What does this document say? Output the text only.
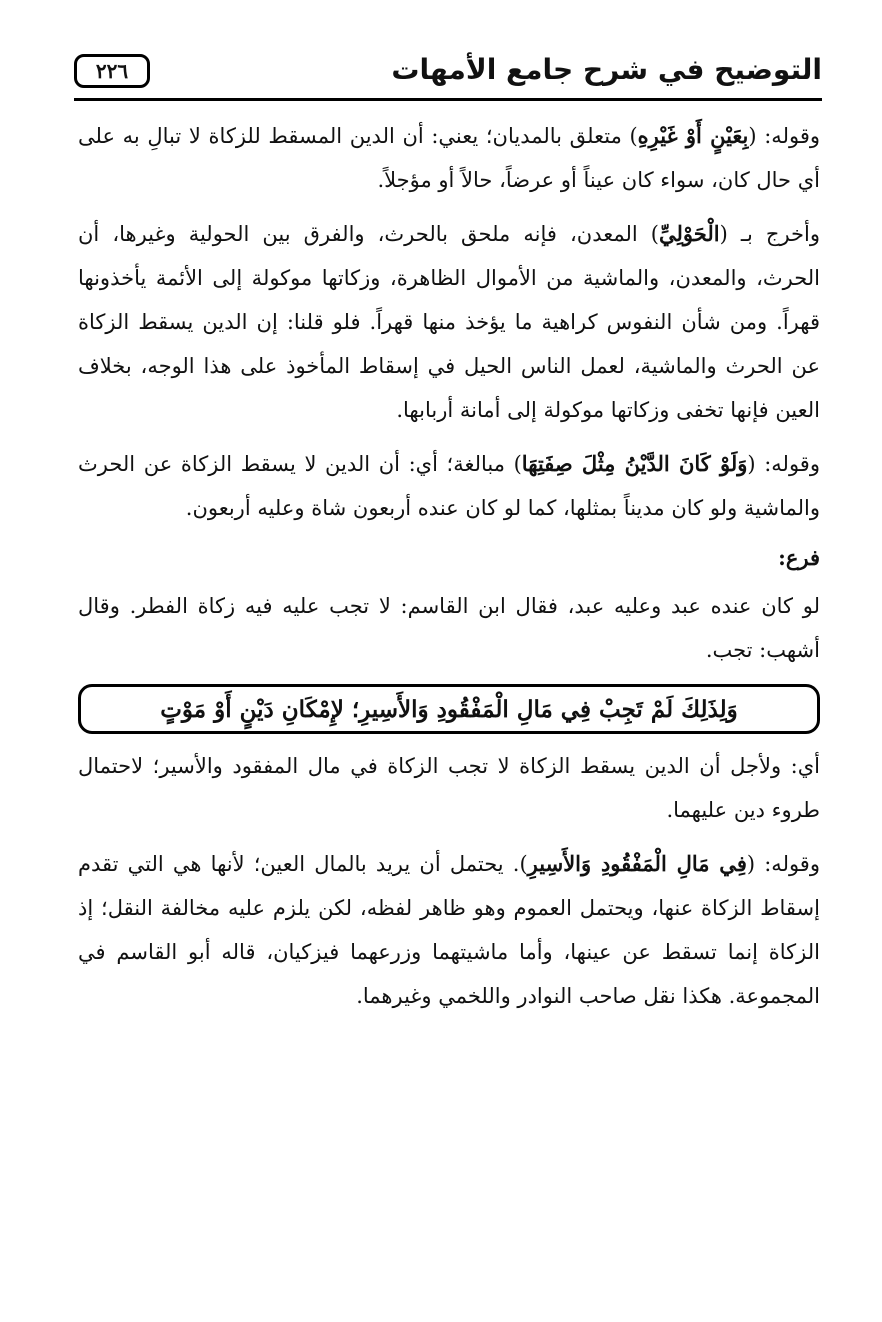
التوضيح في شرح جامع الأمهات
٢٢٦

وقوله: (بِعَيْنٍ أَوْ غَيْرِهِ) متعلق بالمديان؛ يعني: أن الدين المسقط للزكاة لا تبالِ به على أي حال كان، سواء كان عيناً أو عرضاً، حالاً أو مؤجلاً.

وأخرج بـ (الْحَوْلِيِّ) المعدن، فإنه ملحق بالحرث، والفرق بين الحولية وغيرها، أن الحرث، والمعدن، والماشية من الأموال الظاهرة، وزكاتها موكولة إلى الأئمة يأخذونها قهراً. ومن شأن النفوس كراهية ما يؤخذ منها قهراً. فلو قلنا: إن الدين يسقط الزكاة عن الحرث والماشية، لعمل الناس الحيل في إسقاط المأخوذ على هذا الوجه، بخلاف العين فإنها تخفى وزكاتها موكولة إلى أمانة أربابها.

وقوله: (وَلَوْ كَانَ الدَّيْنُ مِثْلَ صِفَتِهَا) مبالغة؛ أي: أن الدين لا يسقط الزكاة عن الحرث والماشية ولو كان مديناً بمثلها، كما لو كان عنده أربعون شاة وعليه أربعون.

فرع:

لو كان عنده عبد وعليه عبد، فقال ابن القاسم: لا تجب عليه فيه زكاة الفطر. وقال أشهب: تجب.

وَلِذَلِكَ لَمْ تَجِبْ فِي مَالِ الْمَفْقُودِ وَالأَسِيرِ؛ لإِمْكَانِ دَيْنٍ أَوْ مَوْتٍ

أي: ولأجل أن الدين يسقط الزكاة لا تجب الزكاة في مال المفقود والأسير؛ لاحتمال طروء دين عليهما.

وقوله: (فِي مَالِ الْمَفْقُودِ وَالأَسِيرِ). يحتمل أن يريد بالمال العين؛ لأنها هي التي تقدم إسقاط الزكاة عنها، ويحتمل العموم وهو ظاهر لفظه، لكن يلزم عليه مخالفة النقل؛ إذ الزكاة إنما تسقط عن عينها، وأما ماشيتهما وزرعهما فيزكيان، قاله أبو القاسم في المجموعة. هكذا نقل صاحب النوادر واللخمي وغيرهما.
